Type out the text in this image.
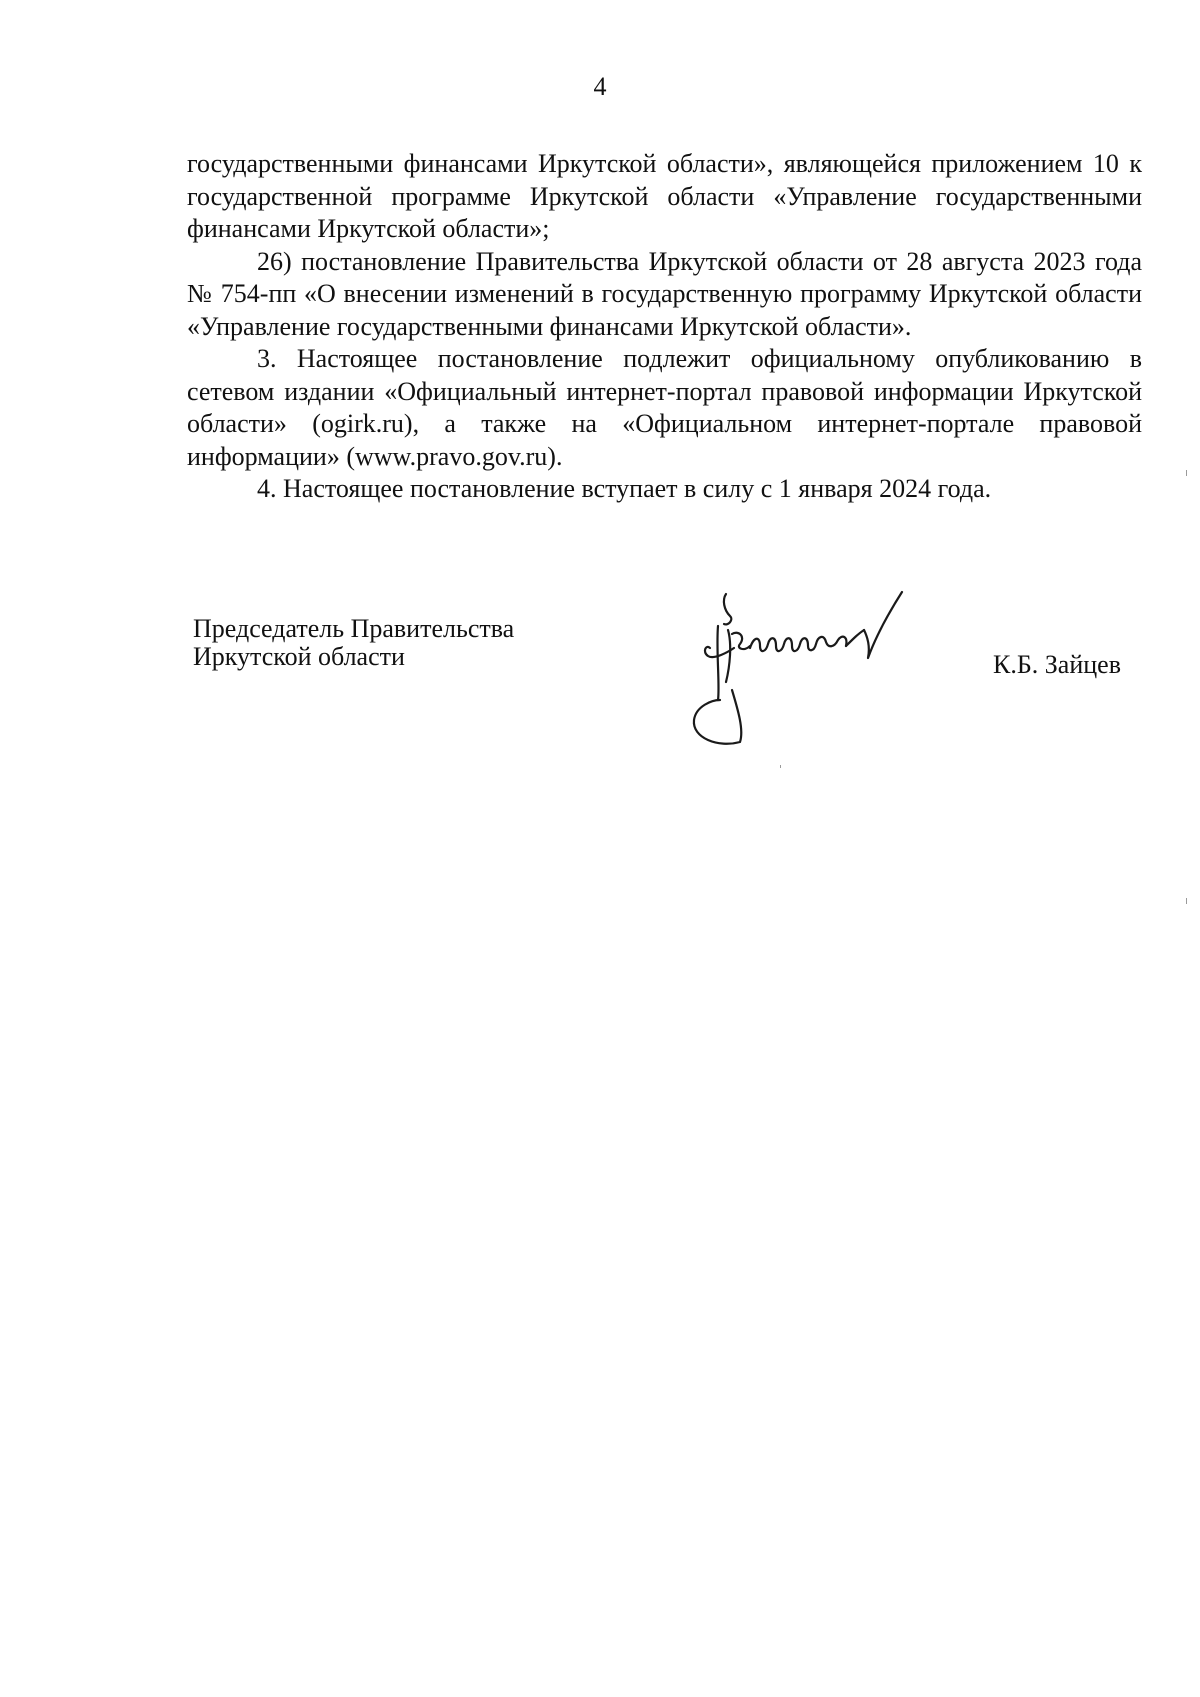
4

государственными финансами Иркутской области», являющейся приложением 10 к государственной программе Иркутской области «Управление государственными финансами Иркутской области»;

26) постановление Правительства Иркутской области от 28 августа 2023 года № 754-пп «О внесении изменений в государственную программу Иркутской области «Управление государственными финансами Иркутской области».

3. Настоящее постановление подлежит официальному опубликованию в сетевом издании «Официальный интернет-портал правовой информации Иркутской области» (ogirk.ru), а также на «Официальном интернет-портале правовой информации» (www.pravo.gov.ru).

4. Настоящее постановление вступает в силу с 1 января 2024 года.

Председатель Правительства
Иркутской области	К.Б. Зайцев
